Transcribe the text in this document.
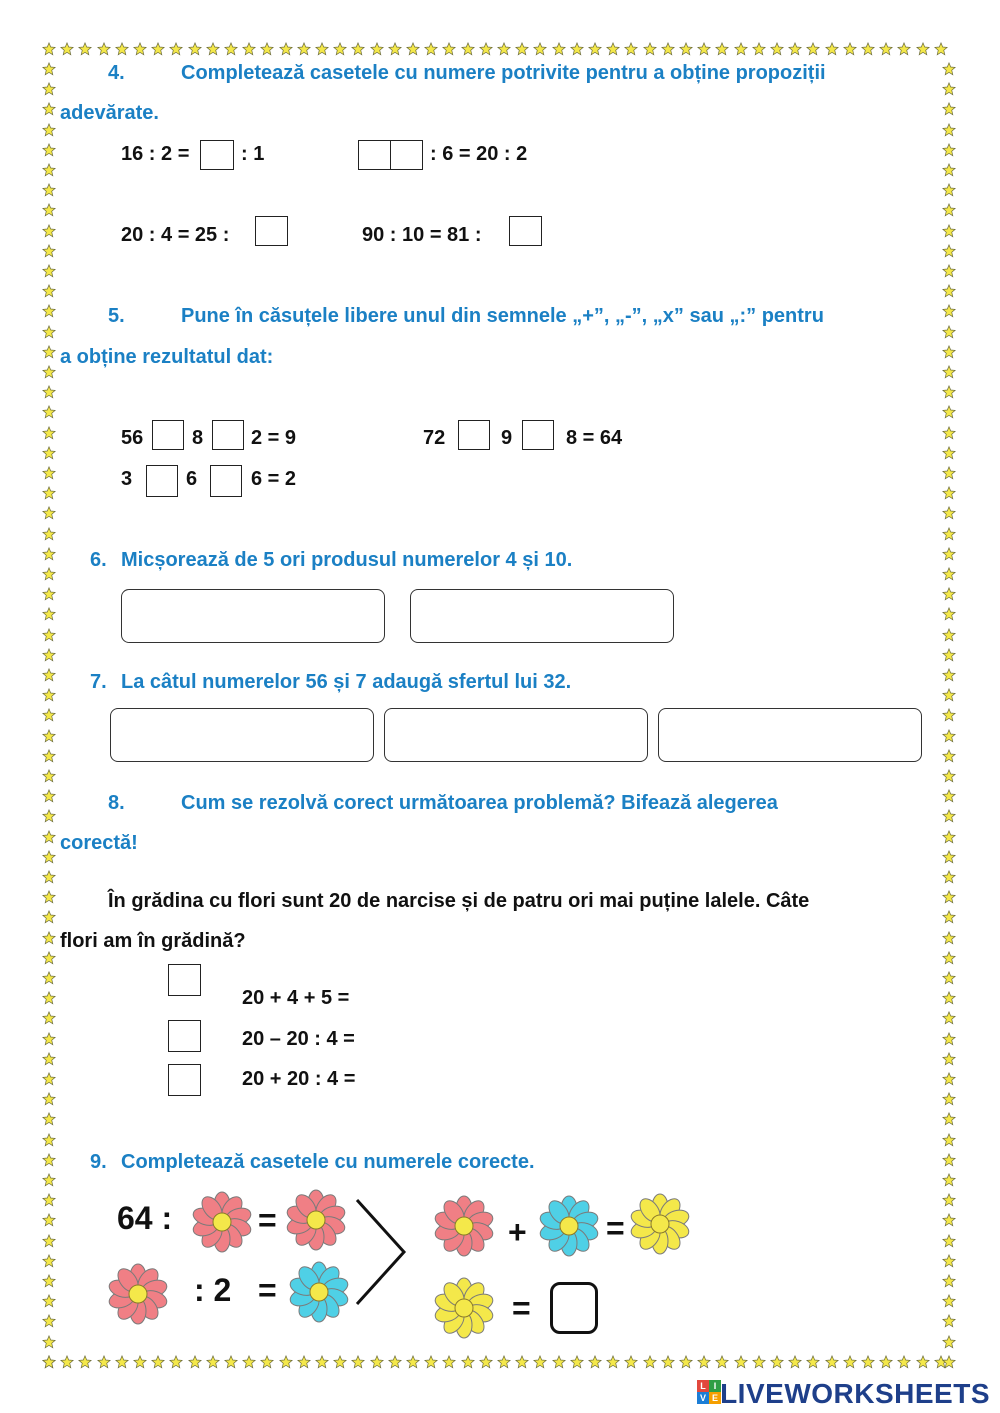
4.	Completează casetele cu numere potrivite pentru a obține propoziții
adevărate.
16 : 2 =	: 1	: 6 = 20 : 2
20 : 4 = 25 :	90 : 10 = 81 :
5.	Pune în căsuțele libere unul din semnele „+”, „-”, „x” sau „:” pentru
a obține rezultatul dat:
56 8 2 = 9	72	9	8 = 64
3	6	6 = 2
6. Micșorează de 5 ori produsul numerelor 4 și 10.
7. La câtul numerelor 56 și 7 adaugă sfertul lui 32.
8.	Cum se rezolvă corect următoarea problemă? Bifează alegerea
corectă!
În grădina cu flori sunt 20 de narcise și de patru ori mai puține lalele. Câte
flori am în grădină?
20 + 4 + 5 =
20 – 20 : 4 =
20 + 20 : 4 =
9. Completează casetele cu numerele corecte.
64 :	=
: 2 =
+ =
=
L I
V E LIVEWORKSHEETS
